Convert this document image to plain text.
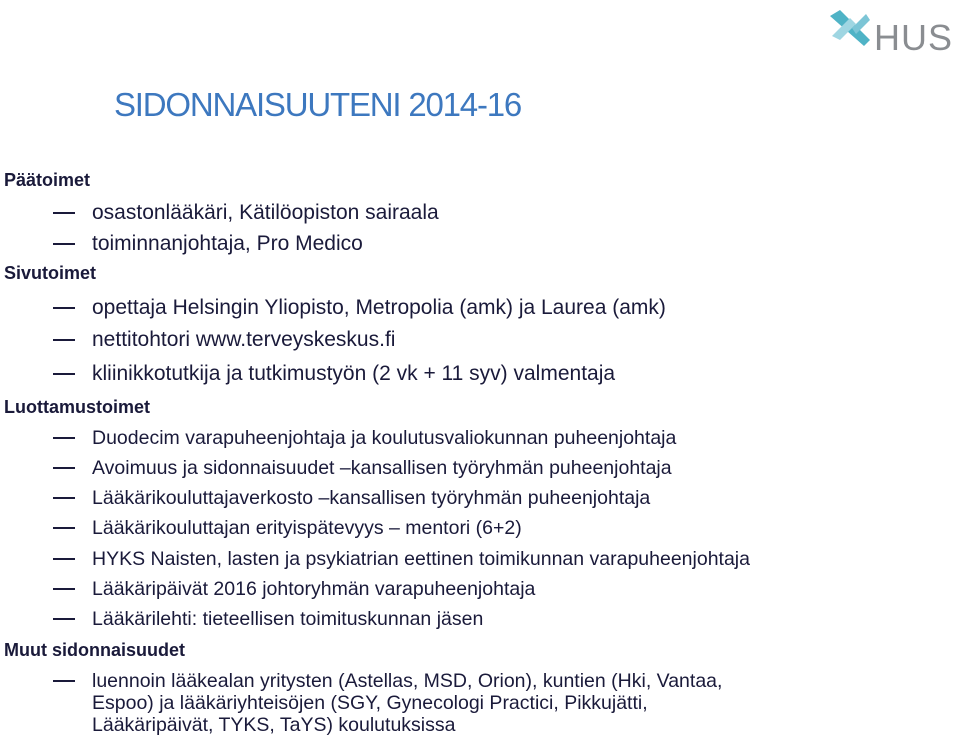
HUS
SIDONNAISUUTENI 2014-16
Päätoimet
osastonlääkäri, Kätilöopiston sairaala
toiminnanjohtaja, Pro Medico
Sivutoimet
opettaja Helsingin Yliopisto, Metropolia (amk) ja Laurea (amk)
nettitohtori www.terveyskeskus.fi
kliinikkotutkija ja tutkimustyön (2 vk + 11 syv) valmentaja
Luottamustoimet
Duodecim varapuheenjohtaja ja koulutusvaliokunnan puheenjohtaja
Avoimuus ja sidonnaisuudet –kansallisen työryhmän puheenjohtaja
Lääkärikouluttajaverkosto –kansallisen työryhmän puheenjohtaja
Lääkärikouluttajan erityispätevyys – mentori (6+2)
HYKS Naisten, lasten ja psykiatrian eettinen toimikunnan varapuheenjohtaja
Lääkäripäivät 2016 johtoryhmän varapuheenjohtaja
Lääkärilehti: tieteellisen toimituskunnan jäsen
Muut sidonnaisuudet
luennoin lääkealan yritysten (Astellas, MSD, Orion), kuntien (Hki, Vantaa,
Espoo) ja lääkäriyhteisöjen (SGY, Gynecologi Practici, Pikkujätti,
Lääkäripäivät, TYKS, TaYS) koulutuksissa
